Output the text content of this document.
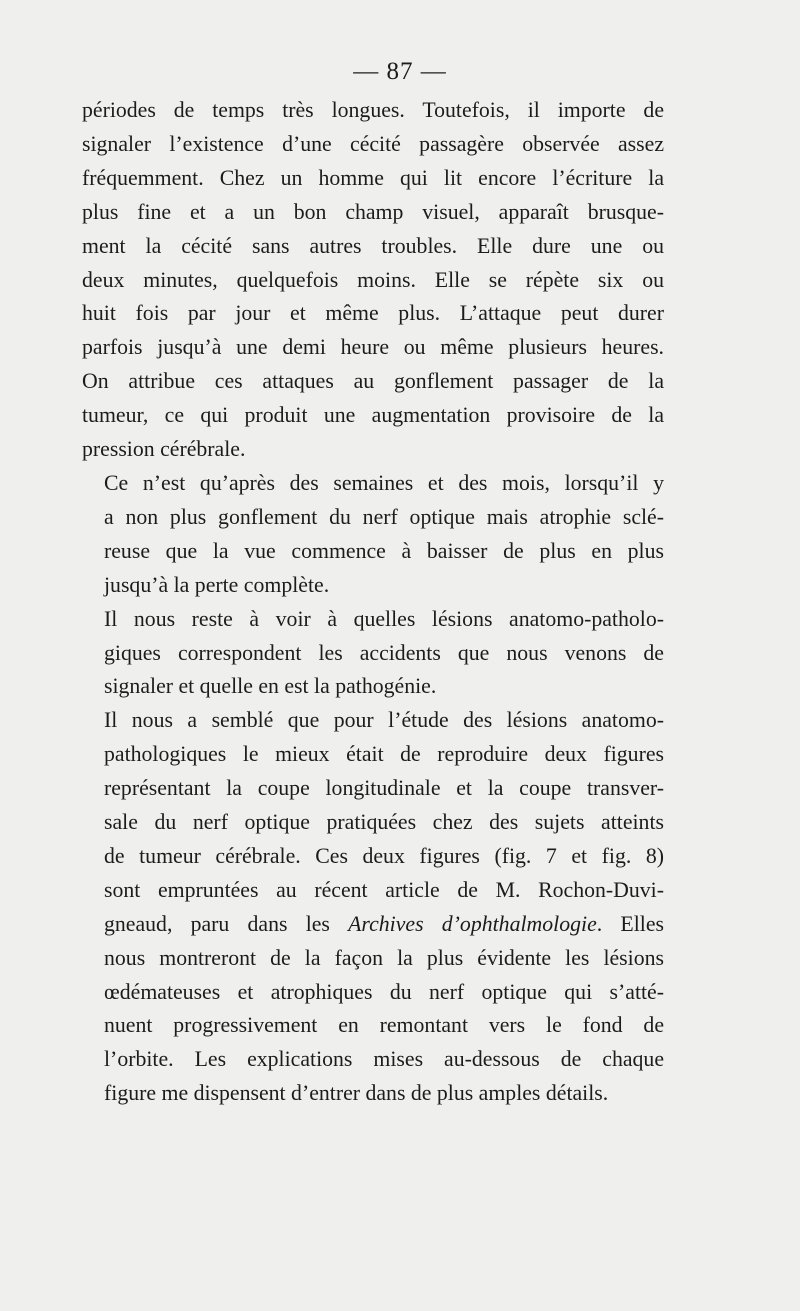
— 87 —

périodes de temps très longues. Toutefois, il importe de
signaler l’existence d’une cécité passagère observée assez
fréquemment. Chez un homme qui lit encore l’écriture la
plus fine et a un bon champ visuel, apparaît brusque-
ment la cécité sans autres troubles. Elle dure une ou
deux minutes, quelquefois moins. Elle se répète six ou
huit fois par jour et même plus. L’attaque peut durer
parfois jusqu’à une demi heure ou même plusieurs heures.
On attribue ces attaques au gonflement passager de la
tumeur, ce qui produit une augmentation provisoire de la
pression cérébrale.

Ce n’est qu’après des semaines et des mois, lorsqu’il y
a non plus gonflement du nerf optique mais atrophie sclé-
reuse que la vue commence à baisser de plus en plus
jusqu’à la perte complète.

Il nous reste à voir à quelles lésions anatomo-patholo-
giques correspondent les accidents que nous venons de
signaler et quelle en est la pathogénie.

Il nous a semblé que pour l’étude des lésions anatomo-
pathologiques le mieux était de reproduire deux figures
représentant la coupe longitudinale et la coupe transver-
sale du nerf optique pratiquées chez des sujets atteints
de tumeur cérébrale. Ces deux figures (fig. 7 et fig. 8)
sont empruntées au récent article de M. Rochon-Duvi-
gneaud, paru dans les Archives d’ophthalmologie. Elles
nous montreront de la façon la plus évidente les lésions
œdémateuses et atrophiques du nerf optique qui s’atté-
nuent progressivement en remontant vers le fond de
l’orbite. Les explications mises au-dessous de chaque
figure me dispensent d’entrer dans de plus amples détails.
